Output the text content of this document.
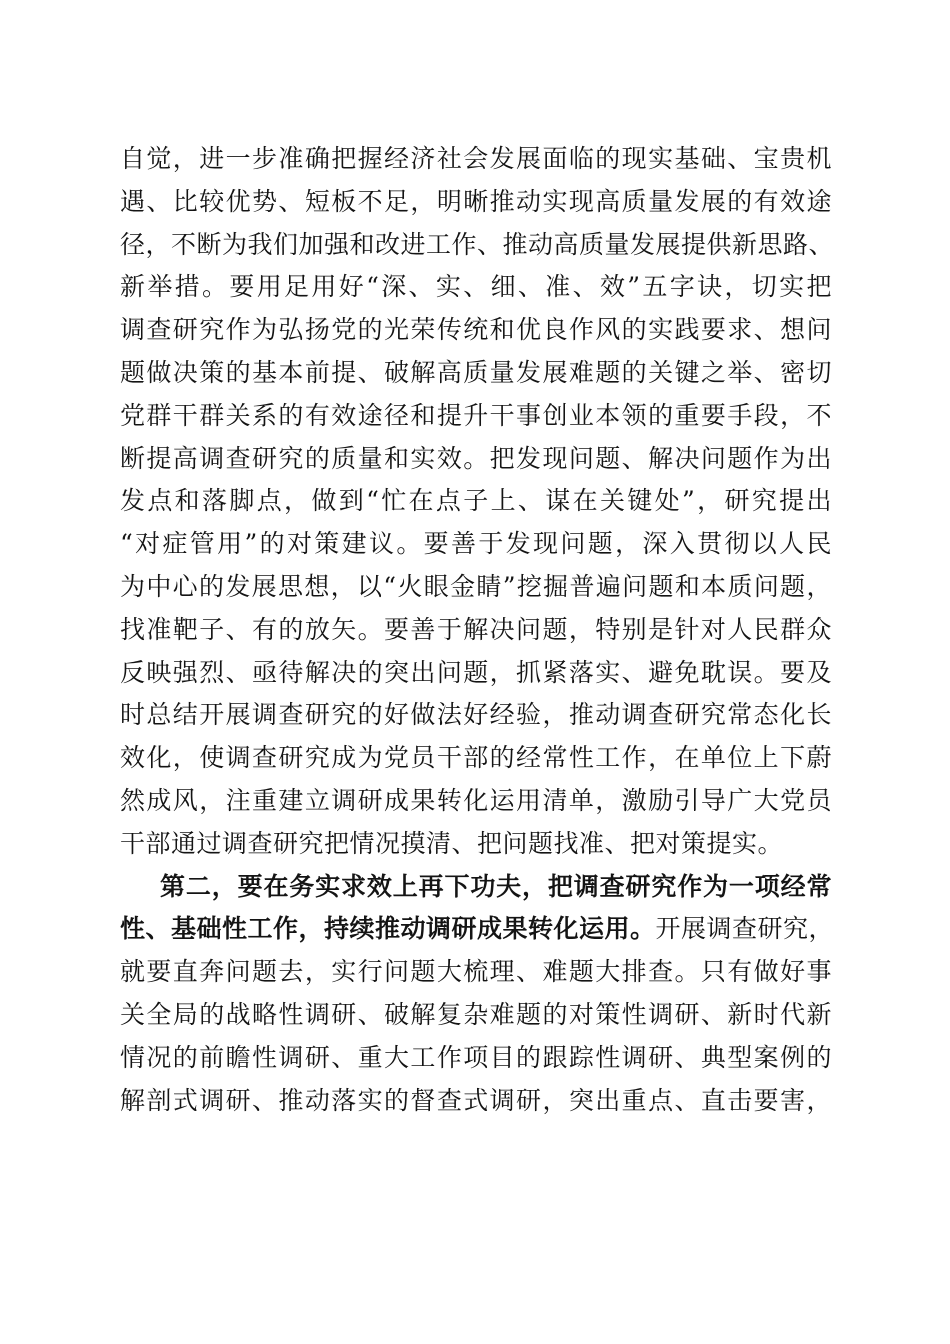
自觉，进一步准确把握经济社会发展面临的现实基础、宝贵机
遇、比较优势、短板不足，明晰推动实现高质量发展的有效途
径，不断为我们加强和改进工作、推动高质量发展提供新思路、
新举措。要用足用好“深、实、细、准、效”五字诀，切实把
调查研究作为弘扬党的光荣传统和优良作风的实践要求、想问
题做决策的基本前提、破解高质量发展难题的关键之举、密切
党群干群关系的有效途径和提升干事创业本领的重要手段，不
断提高调查研究的质量和实效。把发现问题、解决问题作为出
发点和落脚点，做到“忙在点子上、谋在关键处”，研究提出
“对症管用”的对策建议。要善于发现问题，深入贯彻以人民
为中心的发展思想，以“火眼金睛”挖掘普遍问题和本质问题，
找准靶子、有的放矢。要善于解决问题，特别是针对人民群众
反映强烈、亟待解决的突出问题，抓紧落实、避免耽误。要及
时总结开展调查研究的好做法好经验，推动调查研究常态化长
效化，使调查研究成为党员干部的经常性工作，在单位上下蔚
然成风，注重建立调研成果转化运用清单，激励引导广大党员
干部通过调查研究把情况摸清、把问题找准、把对策提实。
第二，要在务实求效上再下功夫，把调查研究作为一项经常
性、基础性工作，持续推动调研成果转化运用。开展调查研究，
就要直奔问题去，实行问题大梳理、难题大排查。只有做好事
关全局的战略性调研、破解复杂难题的对策性调研、新时代新
情况的前瞻性调研、重大工作项目的跟踪性调研、典型案例的
解剖式调研、推动落实的督查式调研，突出重点、直击要害，
